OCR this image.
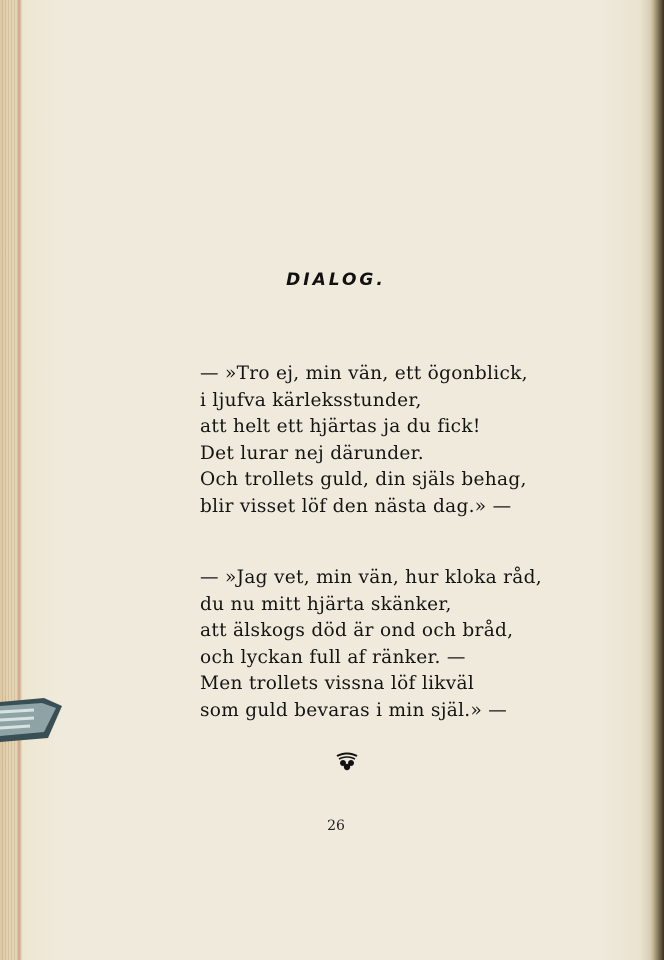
DIALOG.
— »Tro ej, min vän, ett ögonblick,
i ljufva kärleksstunder,
att helt ett hjärtas ja du fick!
Det lurar nej därunder.
Och trollets guld, din själs behag,
blir visset löf den nästa dag.» —
— »Jag vet, min vän, hur kloka råd,
du nu mitt hjärta skänker,
att älskogs död är ond och bråd,
och lyckan full af ränker. —
Men trollets vissna löf likväl
som guld bevaras i min själ.» —
26
